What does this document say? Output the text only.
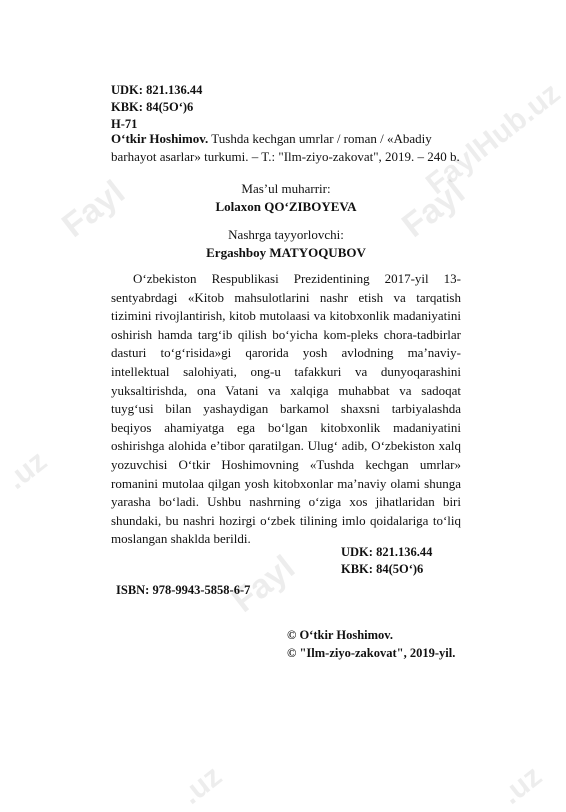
Fayl	Fayl
FaylHub.uz
.uz
Fayl
.uz	.uz
UDK: 821.136.44
KBK: 84(5O‘)6
H-71
O‘tkir Hoshimov. Tushda kechgan umrlar / roman / «Abadiy barhayot asarlar» turkumi. – T.: "Ilm-ziyo-zakovat", 2019. – 240 b.
Mas’ul muharrir:
Lolaxon QO‘ZIBOYEVA
Nashrga tayyorlovchi:
Ergashboy MATYOQUBOV

O‘zbekiston Respublikasi Prezidentining 2017-yil 13-sentyabrdagi «Kitob mahsulotlarini nashr etish va tarqatish tizimini rivojlantirish, kitob mutolaasi va kitobxonlik madaniyatini oshirish hamda targ‘ib qilish bo‘yicha kom-pleks chora-tadbirlar dasturi to‘g‘risida»gi qaroridа yosh avlodning ma’naviy-intellektual salohiyati, ong-u tafakkuri va dunyoqarashini yuksaltirishda, ona Vatani va xalqiga muhabbat va sadoqat tuyg‘usi bilan yashaydigan barkamol shaxsni tarbiyalashda beqiyos ahamiyatga ega bo‘lgan kitobxonlik madaniyatini oshirishga alohida e’tibor qaratilgan. Ulug‘ adib, O‘zbekiston xalq yozuvchisi O‘tkir Hoshimovning «Tushda kechgan umrlar» romanini mutolaa qilgan yosh kitobxonlar ma’naviy olami shunga yarasha bo‘ladi. Ushbu nashrning o‘ziga xos jihatlaridan biri shundaki, bu nashri hozirgi o‘zbek tilining imlo qoidalariga to‘liq moslangan shaklda berildi.

UDK: 821.136.44
KBK: 84(5O‘)6
ISBN: 978-9943-5858-6-7
© O‘tkir Hoshimov.
© "Ilm-ziyo-zakovat", 2019-yil.
